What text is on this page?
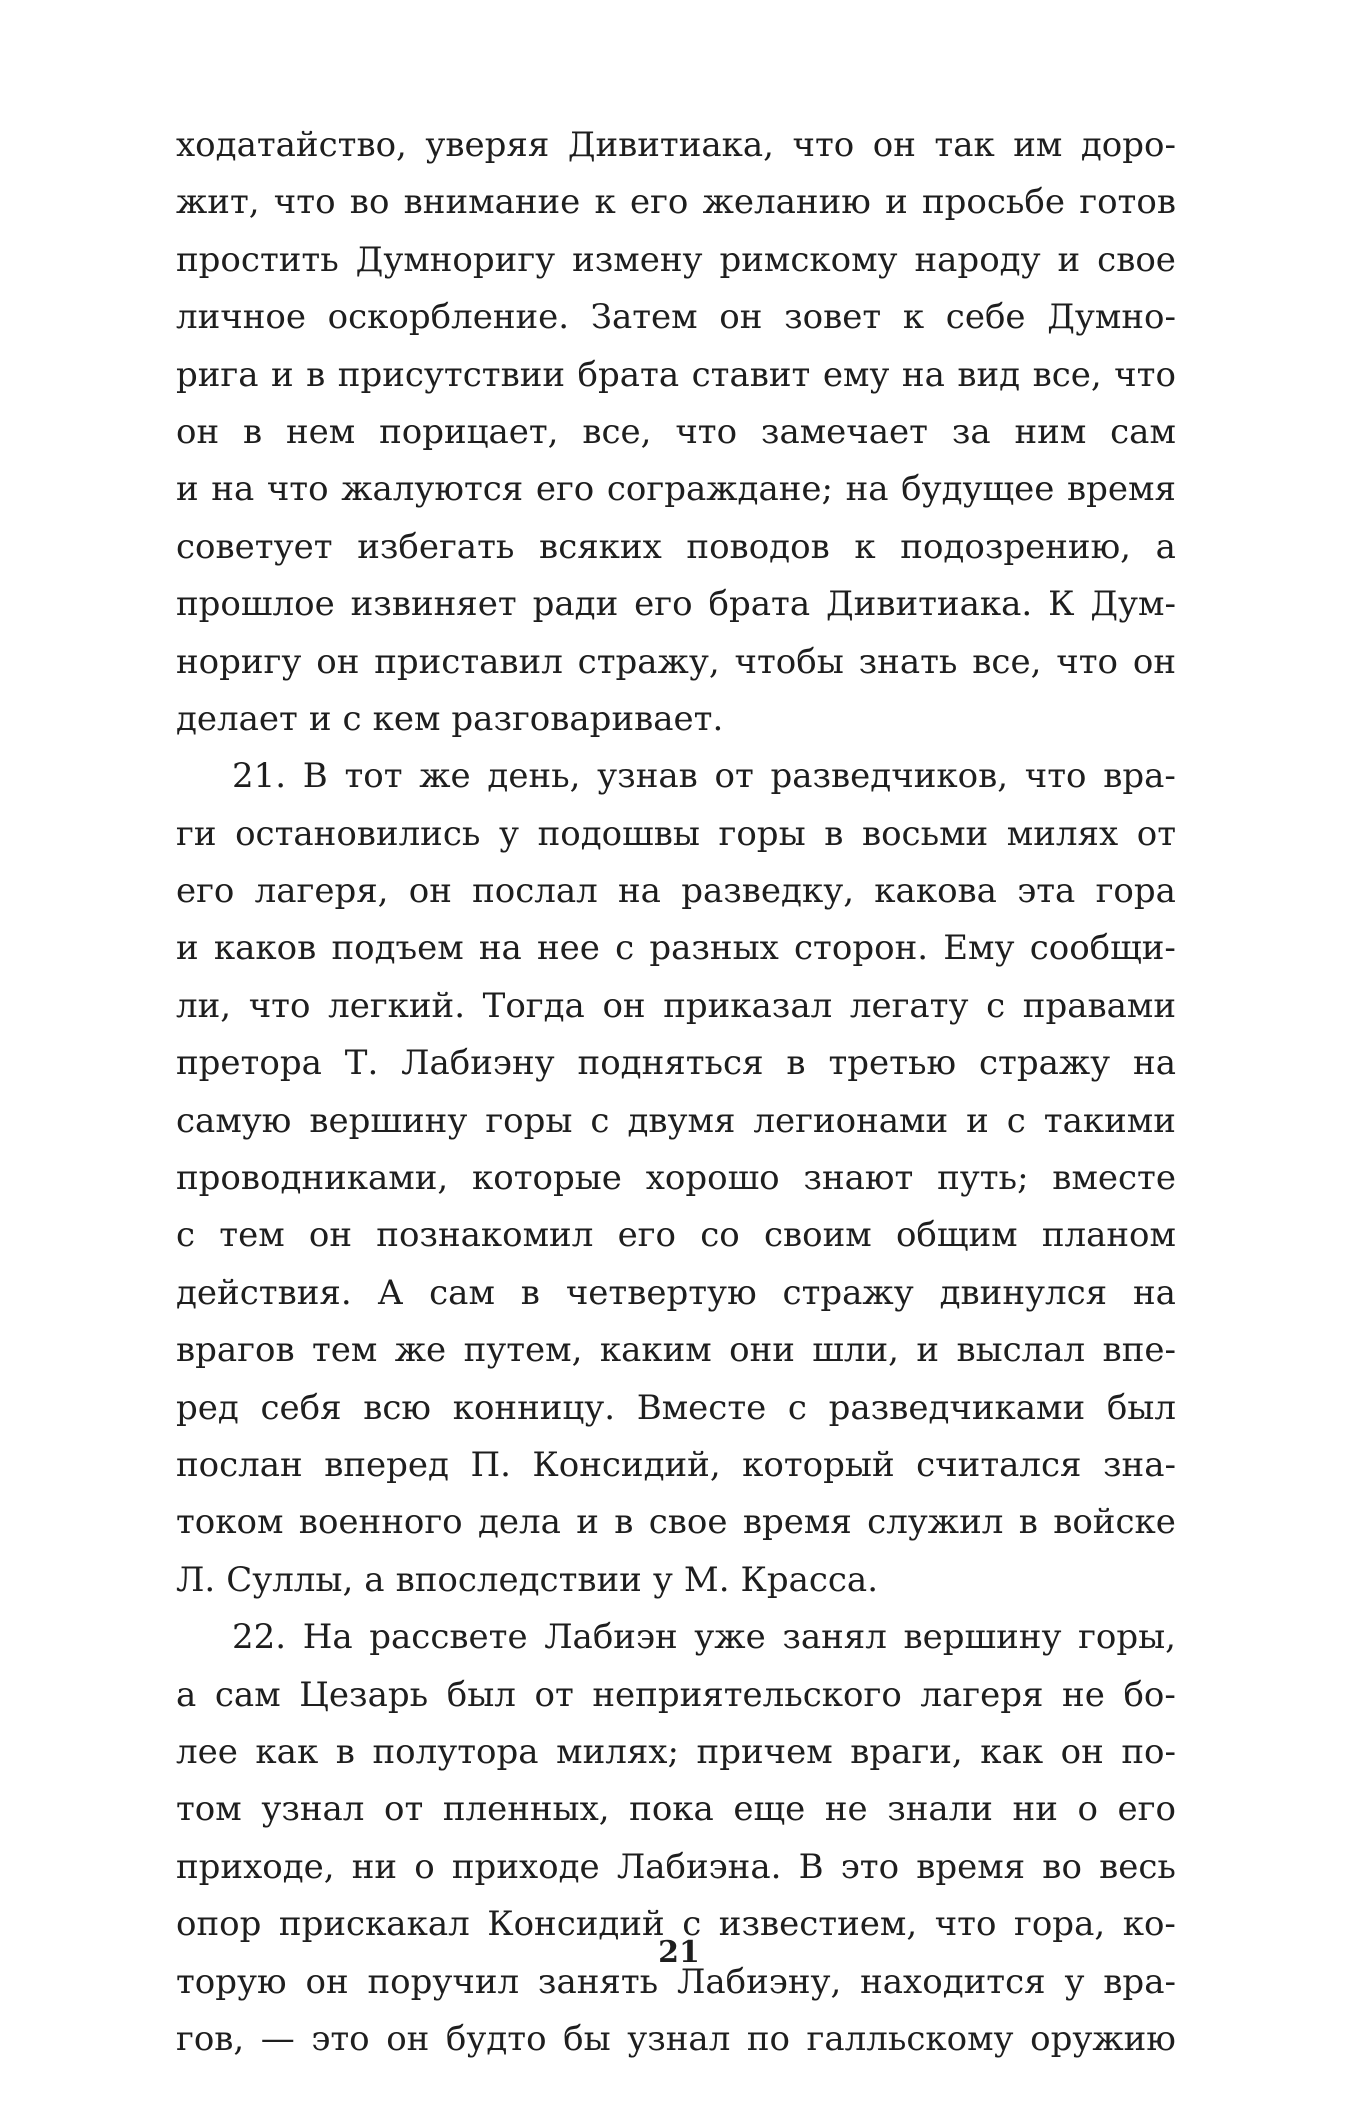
ходатайство, уверяя Дивитиака, что он так им доро-
жит, что во внимание к его желанию и просьбе готов
простить Думноригу измену римскому народу и свое
личное оскорбление. Затем он зовет к себе Думно-
рига и в присутствии брата ставит ему на вид все, что
он в нем порицает, все, что замечает за ним сам
и на что жалуются его сограждане; на будущее время
советует избегать всяких поводов к подозрению, а
прошлое извиняет ради его брата Дивитиака. К Дум-
норигу он приставил стражу, чтобы знать все, что он
делает и с кем разговаривает.
21. В тот же день, узнав от разведчиков, что вра-
ги остановились у подошвы горы в восьми милях от
его лагеря, он послал на разведку, какова эта гора
и каков подъем на нее с разных сторон. Ему сообщи-
ли, что легкий. Тогда он приказал легату с правами
претора Т. Лабиэну подняться в третью стражу на
самую вершину горы с двумя легионами и с такими
проводниками, которые хорошо знают путь; вместе
с тем он познакомил его со своим общим планом
действия. А сам в четвертую стражу двинулся на
врагов тем же путем, каким они шли, и выслал впе-
ред себя всю конницу. Вместе с разведчиками был
послан вперед П. Консидий, который считался зна-
током военного дела и в свое время служил в войске
Л. Суллы, а впоследствии у М. Красса.
22. На рассвете Лабиэн уже занял вершину горы,
а сам Цезарь был от неприятельского лагеря не бо-
лее как в полутора милях; причем враги, как он по-
том узнал от пленных, пока еще не знали ни о его
приходе, ни о приходе Лабиэна. В это время во весь
опор прискакал Консидий с известием, что гора, ко-
торую он поручил занять Лабиэну, находится у вра-
гов, — это он будто бы узнал по галльскому оружию
21
